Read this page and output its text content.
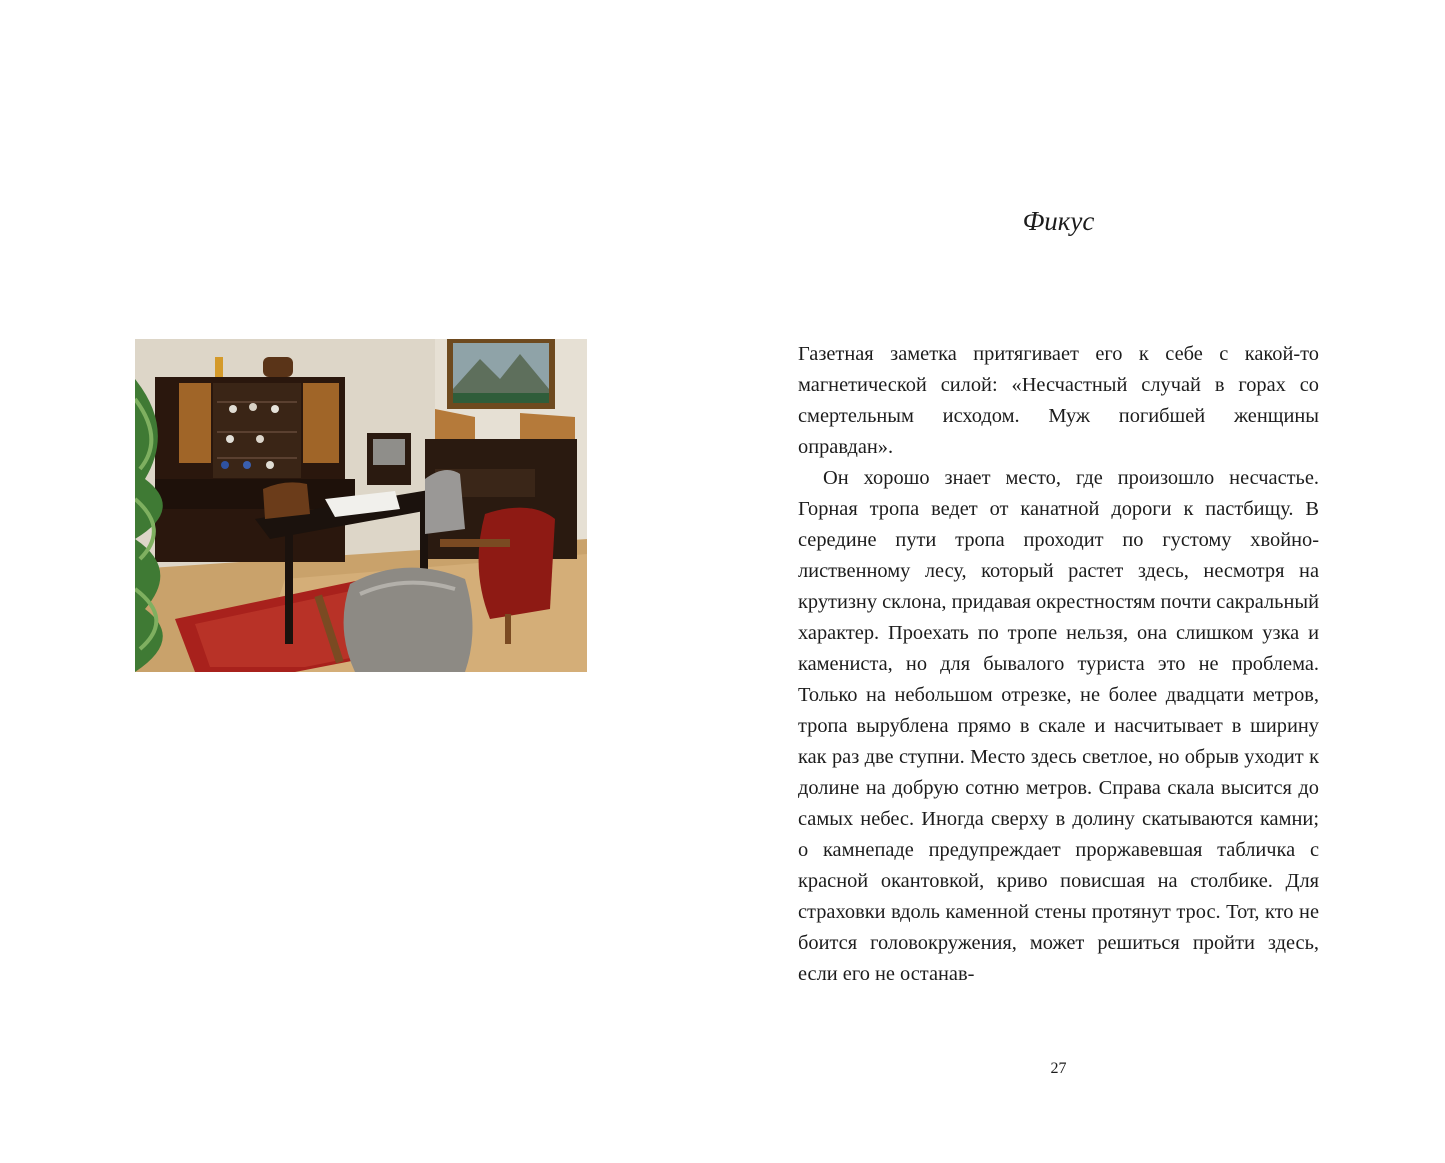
Фикус

Газетная заметка притягивает его к себе с какой-то магнетической силой: «Несчастный случай в горах со смертельным исходом. Муж погибшей женщины оправдан».

Он хорошо знает место, где произошло несчастье. Горная тропа ведет от канатной дороги к пастбищу. В середине пути тропа проходит по густому хвойно-лиственному лесу, который растет здесь, несмотря на крутизну склона, придавая окрестностям почти сакральный характер. Проехать по тропе нельзя, она слишком узка и камениста, но для бывалого туриста это не проблема. Только на небольшом отрезке, не более двадцати метров, тропа вырублена прямо в скале и насчитывает в ширину как раз две ступни. Место здесь светлое, но обрыв уходит к долине на добрую сотню метров. Справа скала высится до самых небес. Иногда сверху в долину скатываются камни; о камнепаде предупреждает проржавевшая табличка с красной окантовкой, криво повисшая на столбике. Для страховки вдоль каменной стены протянут трос. Тот, кто не боится головокружения, может решиться пройти здесь, если его не останав-

27
